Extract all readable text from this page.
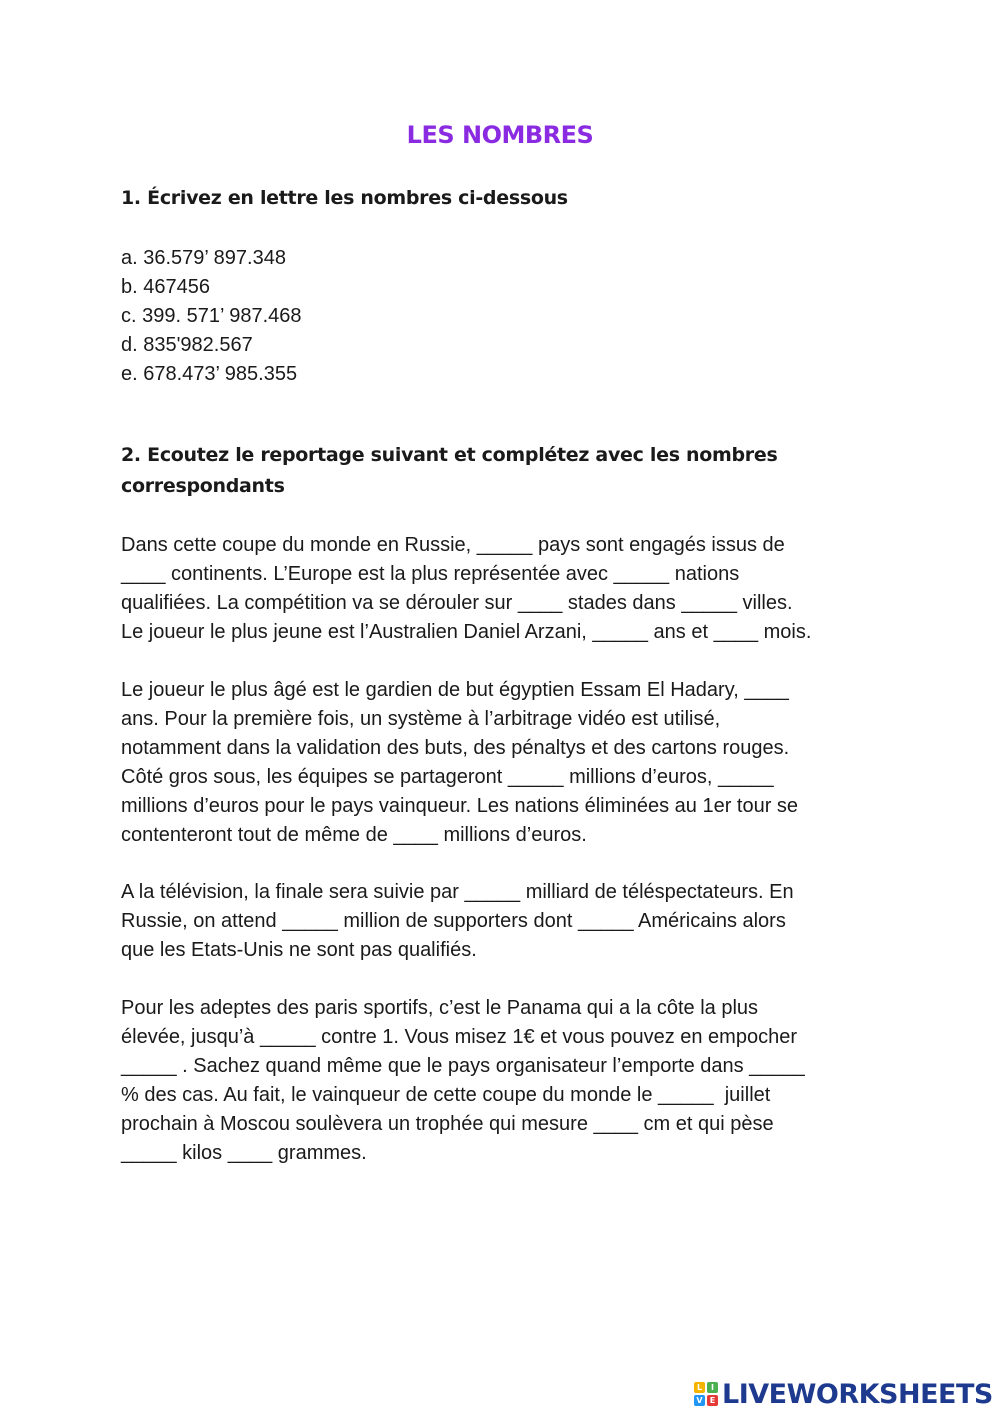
LES NOMBRES
1. Écrivez en lettre les nombres ci-dessous
a. 36.579’ 897.348
b. 467456
c. 399. 571’ 987.468
d. 835'982.567
e. 678.473’ 985.355
2. Ecoutez le reportage suivant et complétez avec les nombres
correspondants
Dans cette coupe du monde en Russie, _____ pays sont engagés issus de
____ continents. L’Europe est la plus représentée avec _____ nations
qualifiées. La compétition va se dérouler sur ____ stades dans _____ villes.
Le joueur le plus jeune est l’Australien Daniel Arzani, _____ ans et ____ mois.
Le joueur le plus âgé est le gardien de but égyptien Essam El Hadary, ____
ans. Pour la première fois, un système à l’arbitrage vidéo est utilisé,
notamment dans la validation des buts, des pénaltys et des cartons rouges.
Côté gros sous, les équipes se partageront _____ millions d’euros, _____
millions d’euros pour le pays vainqueur. Les nations éliminées au 1er tour se
contenteront tout de même de ____ millions d’euros.
A la télévision, la finale sera suivie par _____ milliard de téléspectateurs. En
Russie, on attend _____ million de supporters dont _____ Américains alors
que les Etats-Unis ne sont pas qualifiés.
Pour les adeptes des paris sportifs, c’est le Panama qui a la côte la plus
élevée, jusqu’à _____ contre 1. Vous misez 1€ et vous pouvez en empocher
_____ . Sachez quand même que le pays organisateur l’emporte dans _____
% des cas. Au fait, le vainqueur de cette coupe du monde le _____  juillet
prochain à Moscou soulèvera un trophée qui mesure ____ cm et qui pèse
_____ kilos ____ grammes.
L	I
V E LIVEWORKSHEETS
